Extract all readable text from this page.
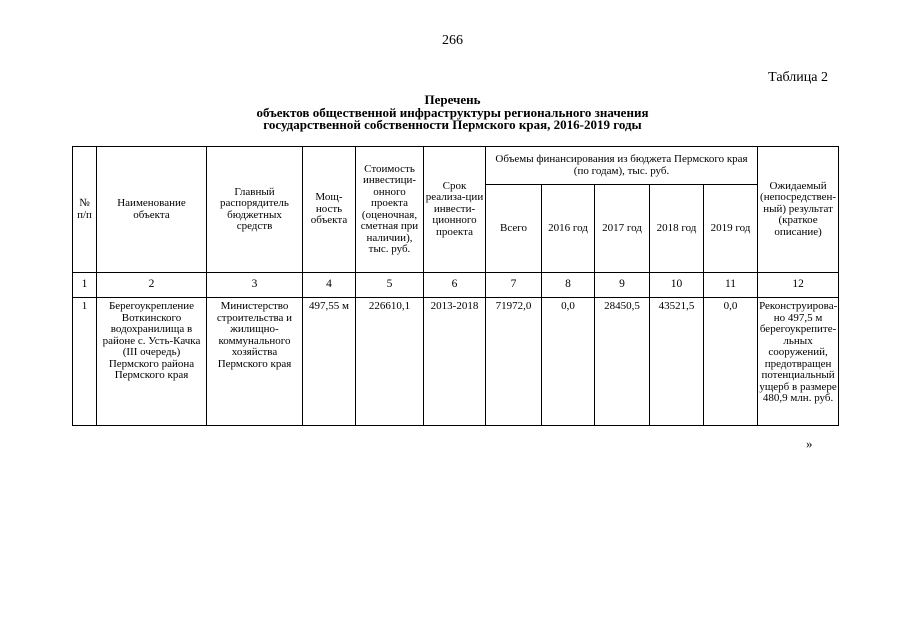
266
Таблица 2
Перечень
объектов общественной инфраструктуры регионального значения
государственной собственности Пермского края, 2016-2019 годы
№ п/п	Наименование объекта	Главный распорядитель бюджетных средств	Мощ-ность объекта	Стоимость инвестици-онного проекта (оценочная, сметная при наличии), тыс. руб.	Срок реализа-ции инвести-ционного проекта	Объемы финансирования из бюджета Пермского края (по годам), тыс. руб.					Ожидаемый (непосредствен-ный) результат (краткое описание)
						Всего	2016 год	2017 год	2018 год	2019 год	
1	2	3	4	5	6	7	8	9	10	11	12
1	Берегоукрепление Воткинского водохранилища в районе с. Усть-Качка (III очередь) Пермского района Пермского края	Министерство строительства и жилищно-коммунального хозяйства Пермского края	497,55 м	226610,1	2013-2018	71972,0	0,0	28450,5	43521,5	0,0	Реконструирова-но 497,5 м берегоукрепите-льных сооружений, предотвращен потенциальный ущерб в размере 480,9 млн. руб.
»
